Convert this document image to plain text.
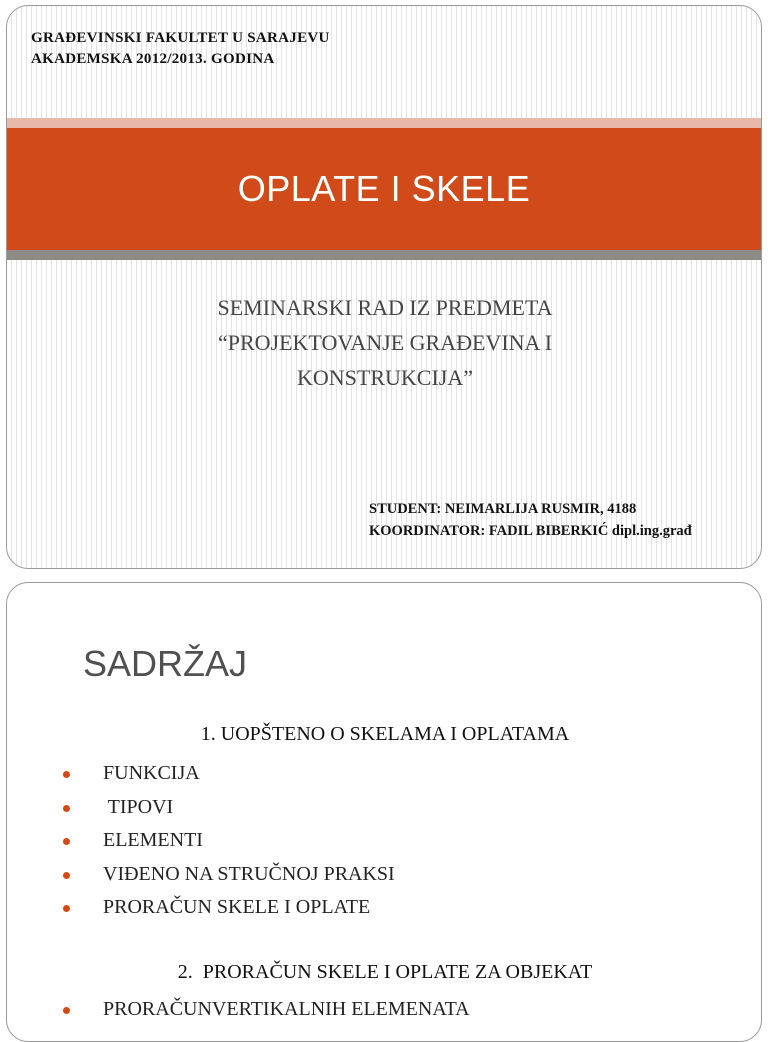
GRAĐEVINSKI FAKULTET U SARAJEVU
AKADEMSKA 2012/2013. GODINA
OPLATE I SKELE
SEMINARSKI RAD IZ PREDMETA
“PROJEKTOVANJE GRAĐEVINA I
KONSTRUKCIJA”
STUDENT: NEIMARLIJA RUSMIR, 4188
KOORDINATOR: FADIL BIBERKIĆ dipl.ing.građ
SADRŽAJ
1. UOPŠTENO O SKELAMA I OPLATAMA
FUNKCIJA
TIPOVI
ELEMENTI
VIĐENO NA STRUČNOJ PRAKSI
PRORAČUN SKELE I OPLATE
2.  PRORAČUN SKELE I OPLATE ZA OBJEKAT
PRORAČUNVERTIKALNIH ELEMENATA
